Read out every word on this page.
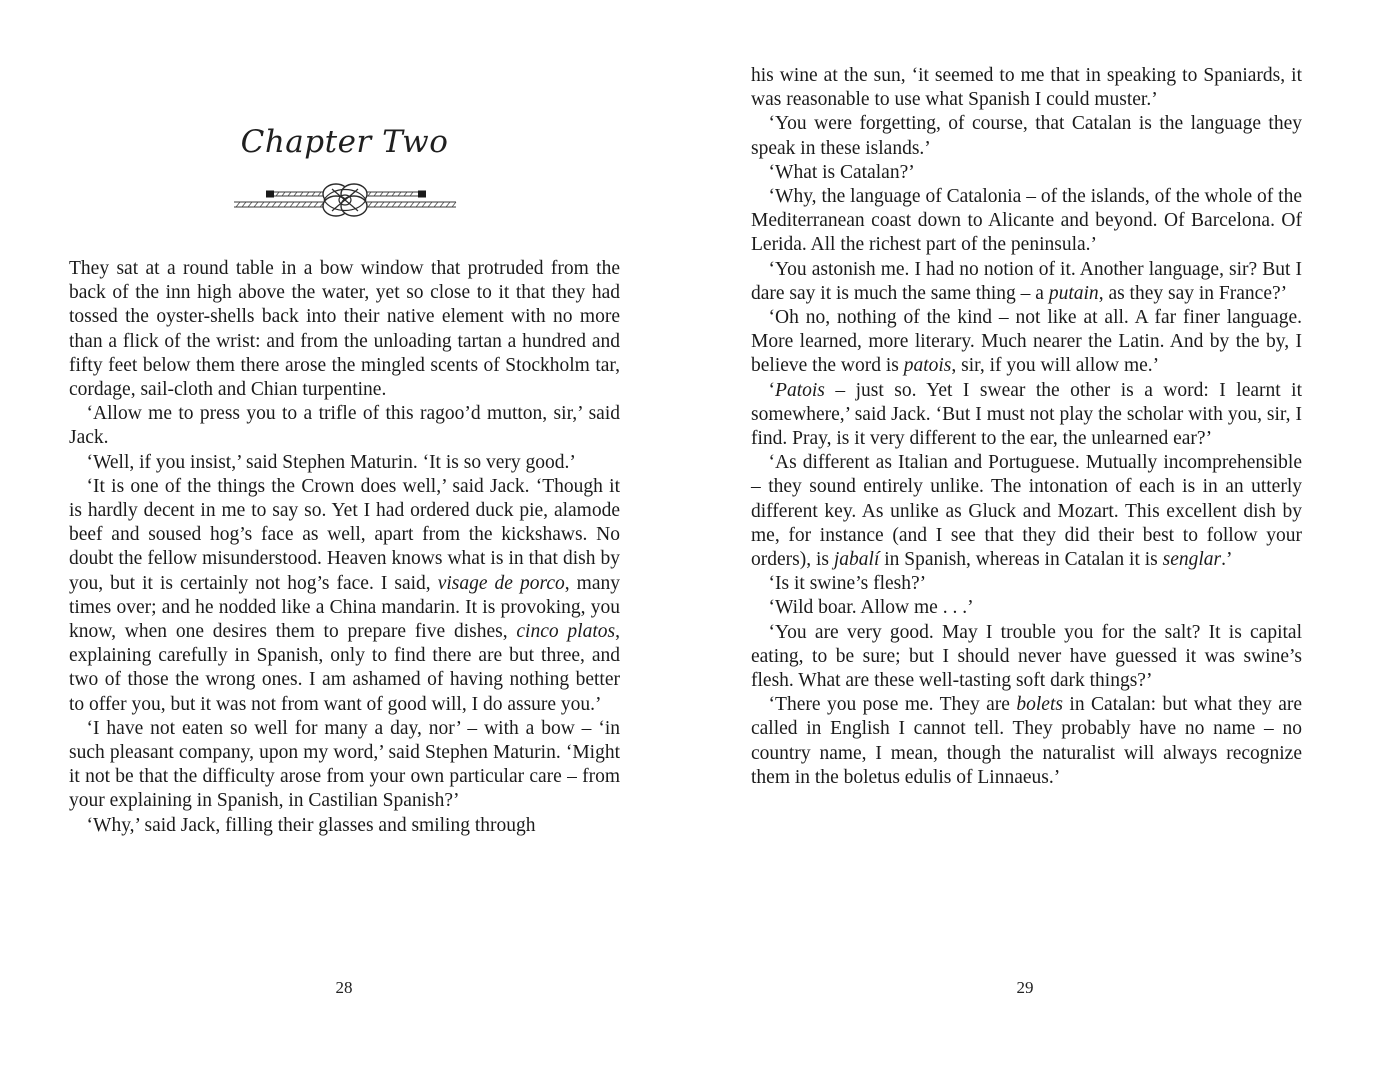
Chapter Two

They sat at a round table in a bow window that protruded from the back of the inn high above the water, yet so close to it that they had tossed the oyster-shells back into their native element with no more than a flick of the wrist: and from the unloading tartan a hundred and fifty feet below them there arose the mingled scents of Stockholm tar, cordage, sail-cloth and Chian turpentine.

‘Allow me to press you to a trifle of this ragoo’d mutton, sir,’ said Jack.

‘Well, if you insist,’ said Stephen Maturin. ‘It is so very good.’

‘It is one of the things the Crown does well,’ said Jack. ‘Though it is hardly decent in me to say so. Yet I had ordered duck pie, alamode beef and soused hog’s face as well, apart from the kickshaws. No doubt the fellow misunderstood. Heaven knows what is in that dish by you, but it is certainly not hog’s face. I said, visage de porco, many times over; and he nodded like a China mandarin. It is provoking, you know, when one desires them to prepare five dishes, cinco platos, explaining carefully in Spanish, only to find there are but three, and two of those the wrong ones. I am ashamed of having nothing better to offer you, but it was not from want of good will, I do assure you.’

‘I have not eaten so well for many a day, nor’ – with a bow – ‘in such pleasant company, upon my word,’ said Stephen Maturin. ‘Might it not be that the difficulty arose from your own particular care – from your explaining in Spanish, in Castilian Spanish?’

‘Why,’ said Jack, filling their glasses and smiling through

28

his wine at the sun, ‘it seemed to me that in speaking to Spaniards, it was reasonable to use what Spanish I could muster.’

‘You were forgetting, of course, that Catalan is the language they speak in these islands.’

‘What is Catalan?’

‘Why, the language of Catalonia – of the islands, of the whole of the Mediterranean coast down to Alicante and beyond. Of Barcelona. Of Lerida. All the richest part of the peninsula.’

‘You astonish me. I had no notion of it. Another language, sir? But I dare say it is much the same thing – a putain, as they say in France?’

‘Oh no, nothing of the kind – not like at all. A far finer language. More learned, more literary. Much nearer the Latin. And by the by, I believe the word is patois, sir, if you will allow me.’

‘Patois – just so. Yet I swear the other is a word: I learnt it somewhere,’ said Jack. ‘But I must not play the scholar with you, sir, I find. Pray, is it very different to the ear, the unlearned ear?’

‘As different as Italian and Portuguese. Mutually incomprehensible – they sound entirely unlike. The intonation of each is in an utterly different key. As unlike as Gluck and Mozart. This excellent dish by me, for instance (and I see that they did their best to follow your orders), is jabalí in Spanish, whereas in Catalan it is senglar.’

‘Is it swine’s flesh?’

‘Wild boar. Allow me . . .’

‘You are very good. May I trouble you for the salt? It is capital eating, to be sure; but I should never have guessed it was swine’s flesh. What are these well-tasting soft dark things?’

‘There you pose me. They are bolets in Catalan: but what they are called in English I cannot tell. They probably have no name – no country name, I mean, though the naturalist will always recognize them in the boletus edulis of Linnaeus.’

29
